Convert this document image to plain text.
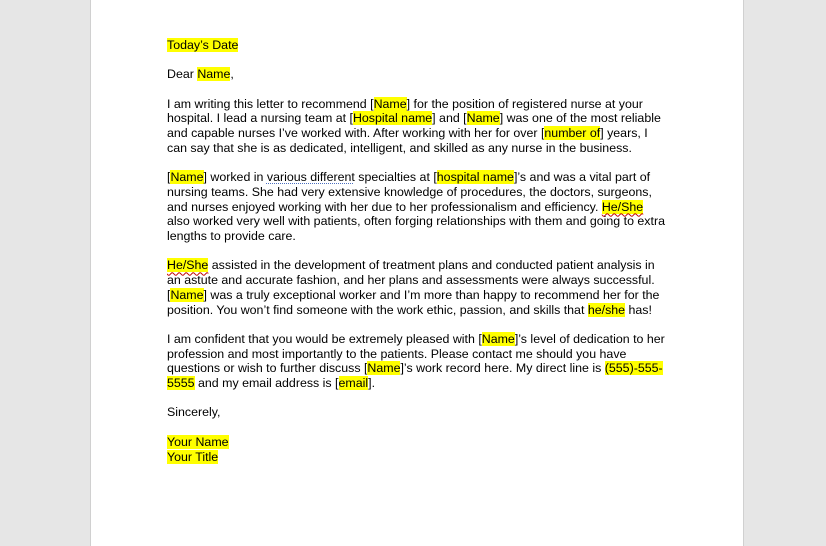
Today’s Date

Dear Name,

I am writing this letter to recommend [Name] for the position of registered nurse at your hospital. I lead a nursing team at [Hospital name] and [Name] was one of the most reliable and capable nurses I’ve worked with. After working with her for over [number of] years, I can say that she is as dedicated, intelligent, and skilled as any nurse in the business.

[Name] worked in various different specialties at [hospital name]’s and was a vital part of nursing teams. She had very extensive knowledge of procedures, the doctors, surgeons, and nurses enjoyed working with her due to her professionalism and efficiency. He/She also worked very well with patients, often forging relationships with them and going to extra lengths to provide care.

He/She assisted in the development of treatment plans and conducted patient analysis in an astute and accurate fashion, and her plans and assessments were always successful. [Name] was a truly exceptional worker and I’m more than happy to recommend her for the position. You won’t find someone with the work ethic, passion, and skills that he/she has!

I am confident that you would be extremely pleased with [Name]’s level of dedication to her profession and most importantly to the patients. Please contact me should you have questions or wish to further discuss [Name]’s work record here. My direct line is (555)-555-5555 and my email address is [email].

Sincerely,

Your Name

Your Title
